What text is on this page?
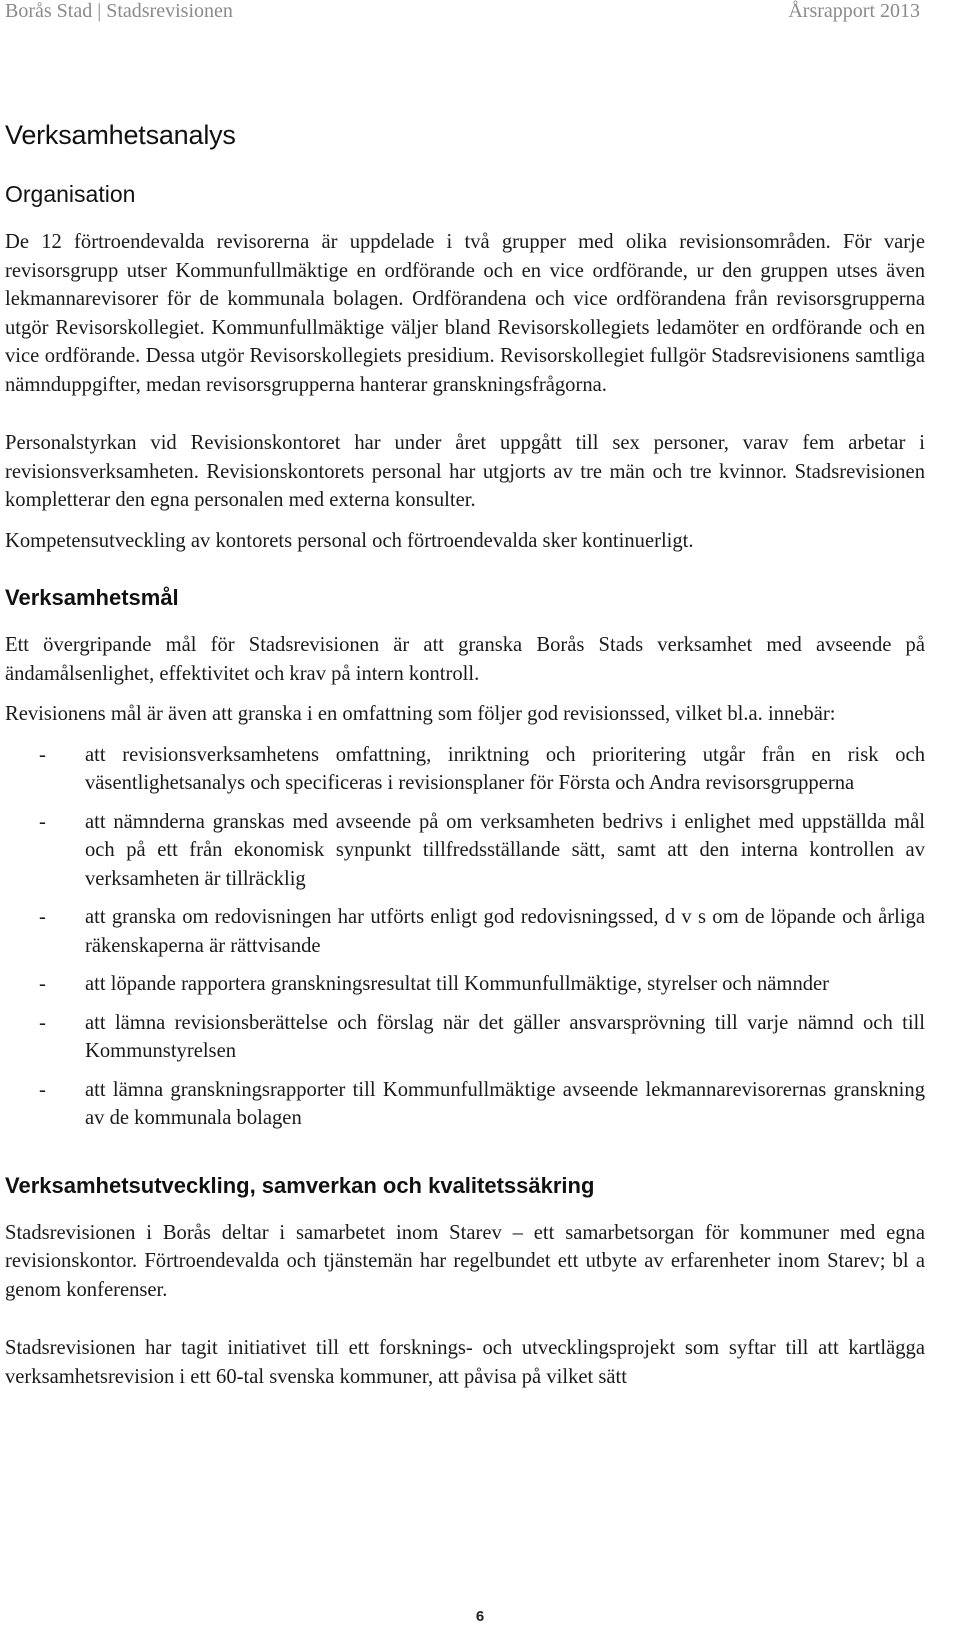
Borås Stad | Stadsrevisionen	Årsrapport 2013
Verksamhetsanalys
Organisation

De 12 förtroendevalda revisorerna är uppdelade i två grupper med olika revisionsområden. För varje revisorsgrupp utser Kommunfullmäktige en ordförande och en vice ordförande, ur den gruppen utses även lekmannarevisorer för de kommunala bolagen. Ordförandena och vice ordförandena från revisorsgrupperna utgör Revisorskollegiet. Kommunfullmäktige väljer bland Revisorskollegiets ledamöter en ordförande och en vice ordförande. Dessa utgör Revisorskollegiets presidium. Revisorskollegiet fullgör Stadsrevisionens samtliga nämnduppgifter, medan revisorsgrupperna hanterar granskningsfrågorna.

Personalstyrkan vid Revisionskontoret har under året uppgått till sex personer, varav fem arbetar i revisionsverksamheten. Revisionskontorets personal har utgjorts av tre män och tre kvinnor. Stadsrevisionen kompletterar den egna personalen med externa konsulter.

Kompetensutveckling av kontorets personal och förtroendevalda sker kontinuerligt.

Verksamhetsmål

Ett övergripande mål för Stadsrevisionen är att granska Borås Stads verksamhet med avseende på ändamålsenlighet, effektivitet och krav på intern kontroll.

Revisionens mål är även att granska i en omfattning som följer god revisionssed, vilket bl.a. innebär:

- att revisionsverksamhetens omfattning, inriktning och prioritering utgår från en risk och väsentlighetsanalys och specificeras i revisionsplaner för Första och Andra revisorsgrupperna
- att nämnderna granskas med avseende på om verksamheten bedrivs i enlighet med uppställda mål och på ett från ekonomisk synpunkt tillfredsställande sätt, samt att den interna kontrollen av verksamheten är tillräcklig
- att granska om redovisningen har utförts enligt god redovisningssed, d v s om de löpande och årliga räkenskaperna är rättvisande
- att löpande rapportera granskningsresultat till Kommunfullmäktige, styrelser och nämnder
- att lämna revisionsberättelse och förslag när det gäller ansvarsprövning till varje nämnd och till Kommunstyrelsen
- att lämna granskningsrapporter till Kommunfullmäktige avseende lekmannarevisorernas granskning av de kommunala bolagen
Verksamhetsutveckling, samverkan och kvalitetssäkring

Stadsrevisionen i Borås deltar i samarbetet inom Starev – ett samarbetsorgan för kommuner med egna revisionskontor. Förtroendevalda och tjänstemän har regelbundet ett utbyte av erfarenheter inom Starev; bl a genom konferenser.

Stadsrevisionen har tagit initiativet till ett forsknings- och utvecklingsprojekt som syftar till att kartlägga verksamhetsrevision i ett 60-tal svenska kommuner, att påvisa på vilket sätt

6
